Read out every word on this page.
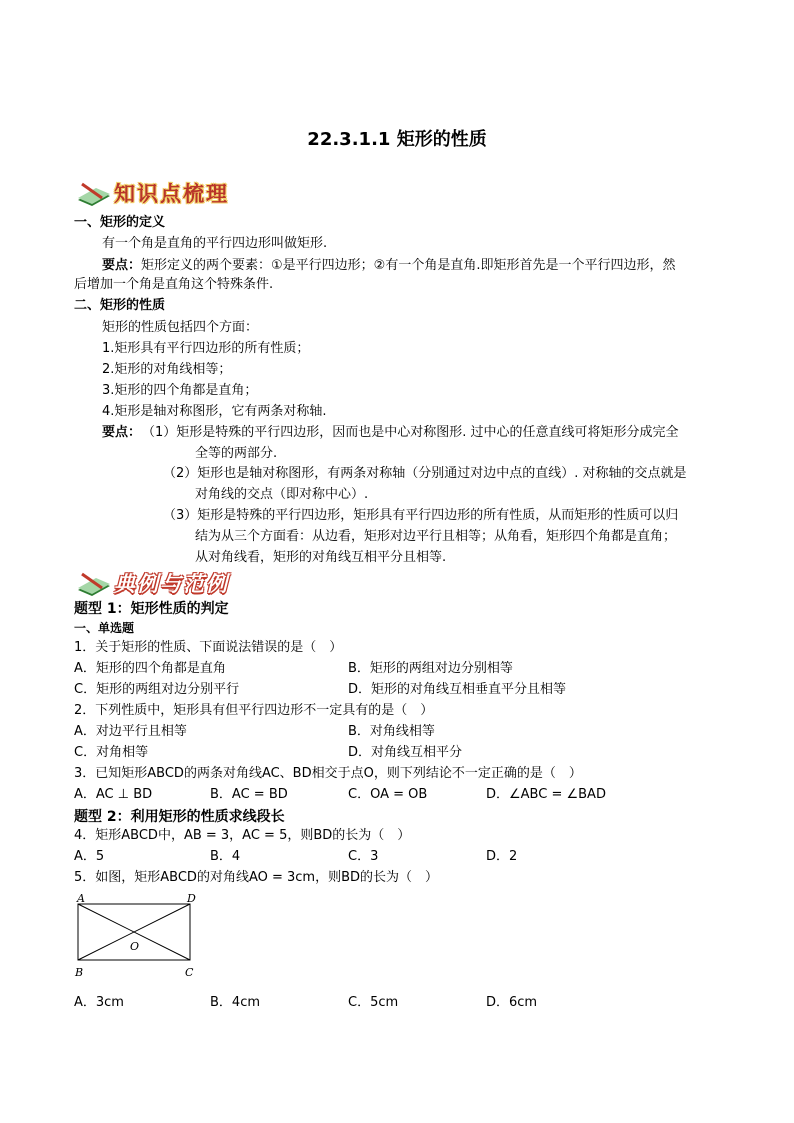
22.3.1.1 矩形的性质
知识点梳理
一、矩形的定义
有一个角是直角的平行四边形叫做矩形.
要点：矩形定义的两个要素：①是平行四边形；②有一个角是直角.即矩形首先是一个平行四边形，然
后增加一个角是直角这个特殊条件.
二、矩形的性质
矩形的性质包括四个方面：
1.矩形具有平行四边形的所有性质；
2.矩形的对角线相等；
3.矩形的四个角都是直角；
4.矩形是轴对称图形，它有两条对称轴.
要点： （1）矩形是特殊的平行四边形，因而也是中心对称图形. 过中心的任意直线可将矩形分成完全
全等的两部分.
（2）矩形也是轴对称图形，有两条对称轴（分别通过对边中点的直线）. 对称轴的交点就是
对角线的交点（即对称中心）.
（3）矩形是特殊的平行四边形，矩形具有平行四边形的所有性质，从而矩形的性质可以归
结为从三个方面看：从边看，矩形对边平行且相等；从角看，矩形四个角都是直角；
从对角线看，矩形的对角线互相平分且相等.
典例与范例
题型 1：矩形性质的判定
一、单选题
1．关于矩形的性质、下面说法错误的是（　）
A．矩形的四个角都是直角	B．矩形的两组对边分别相等
C．矩形的两组对边分别平行	D．矩形的对角线互相垂直平分且相等
2．下列性质中，矩形具有但平行四边形不一定具有的是（　）
A．对边平行且相等	B．对角线相等
C．对角相等	D．对角线互相平分
3．已知矩形ABCD的两条对角线AC、BD相交于点O，则下列结论不一定正确的是（　）
A．AC ⊥ BD	B．AC = BD	C．OA = OB	D．∠ABC = ∠BAD
题型 2：利用矩形的性质求线段长
4．矩形ABCD中，AB = 3，AC = 5，则BD的长为（　）
A．5	B．4	C．3	D．2
5．如图，矩形ABCD的对角线AO = 3cm，则BD的长为（　）
A	D
B	C
O
A．3cm	B．4cm	C．5cm	D．6cm
